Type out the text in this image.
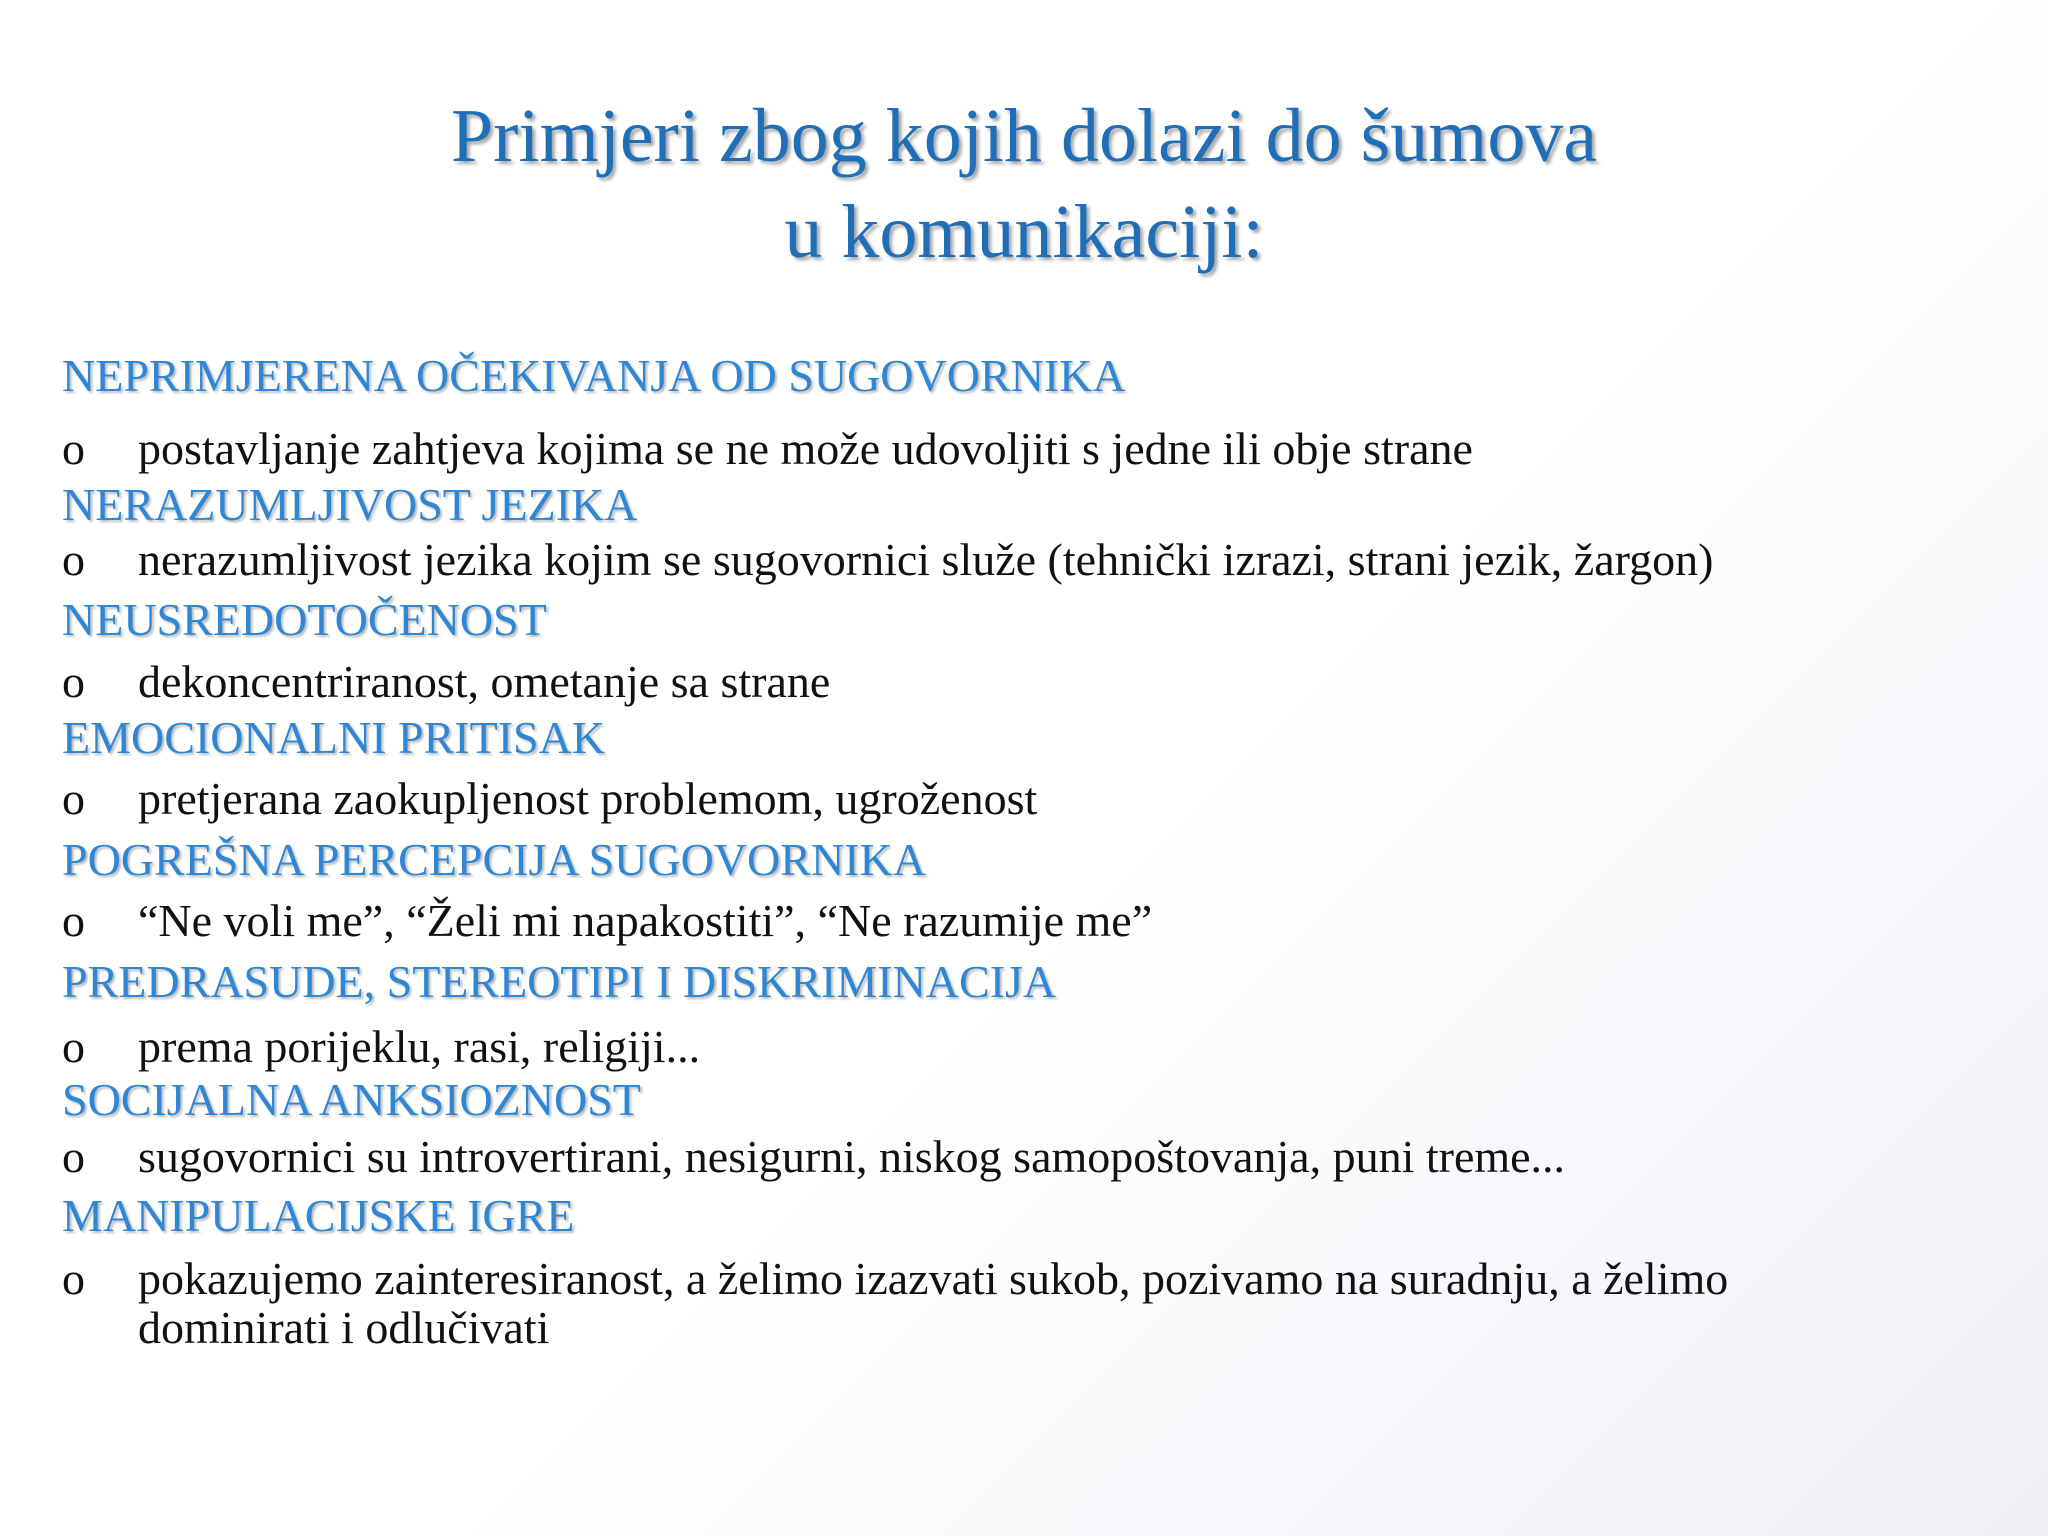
Primjeri zbog kojih dolazi do šumova
u komunikaciji:
NEPRIMJERENA OČEKIVANJA OD SUGOVORNIKA
o postavljanje zahtjeva kojima se ne može udovoljiti s jedne ili obje strane
NERAZUMLJIVOST JEZIKA
o nerazumljivost jezika kojim se sugovornici služe (tehnički izrazi, strani jezik, žargon)
NEUSREDOTOČENOST
o dekoncentriranost, ometanje sa strane
EMOCIONALNI PRITISAK
o pretjerana zaokupljenost problemom, ugroženost
POGREŠNA PERCEPCIJA SUGOVORNIKA
o “Ne voli me”, “Želi mi napakostiti”, “Ne razumije me”
PREDRASUDE, STEREOTIPI I DISKRIMINACIJA
o prema porijeklu, rasi, religiji...
SOCIJALNA ANKSIOZNOST
o sugovornici su introvertirani, nesigurni, niskog samopoštovanja, puni treme...
MANIPULACIJSKE IGRE
o pokazujemo zainteresiranost, a želimo izazvati sukob, pozivamo na suradnju, a želimo
dominirati i odlučivati
